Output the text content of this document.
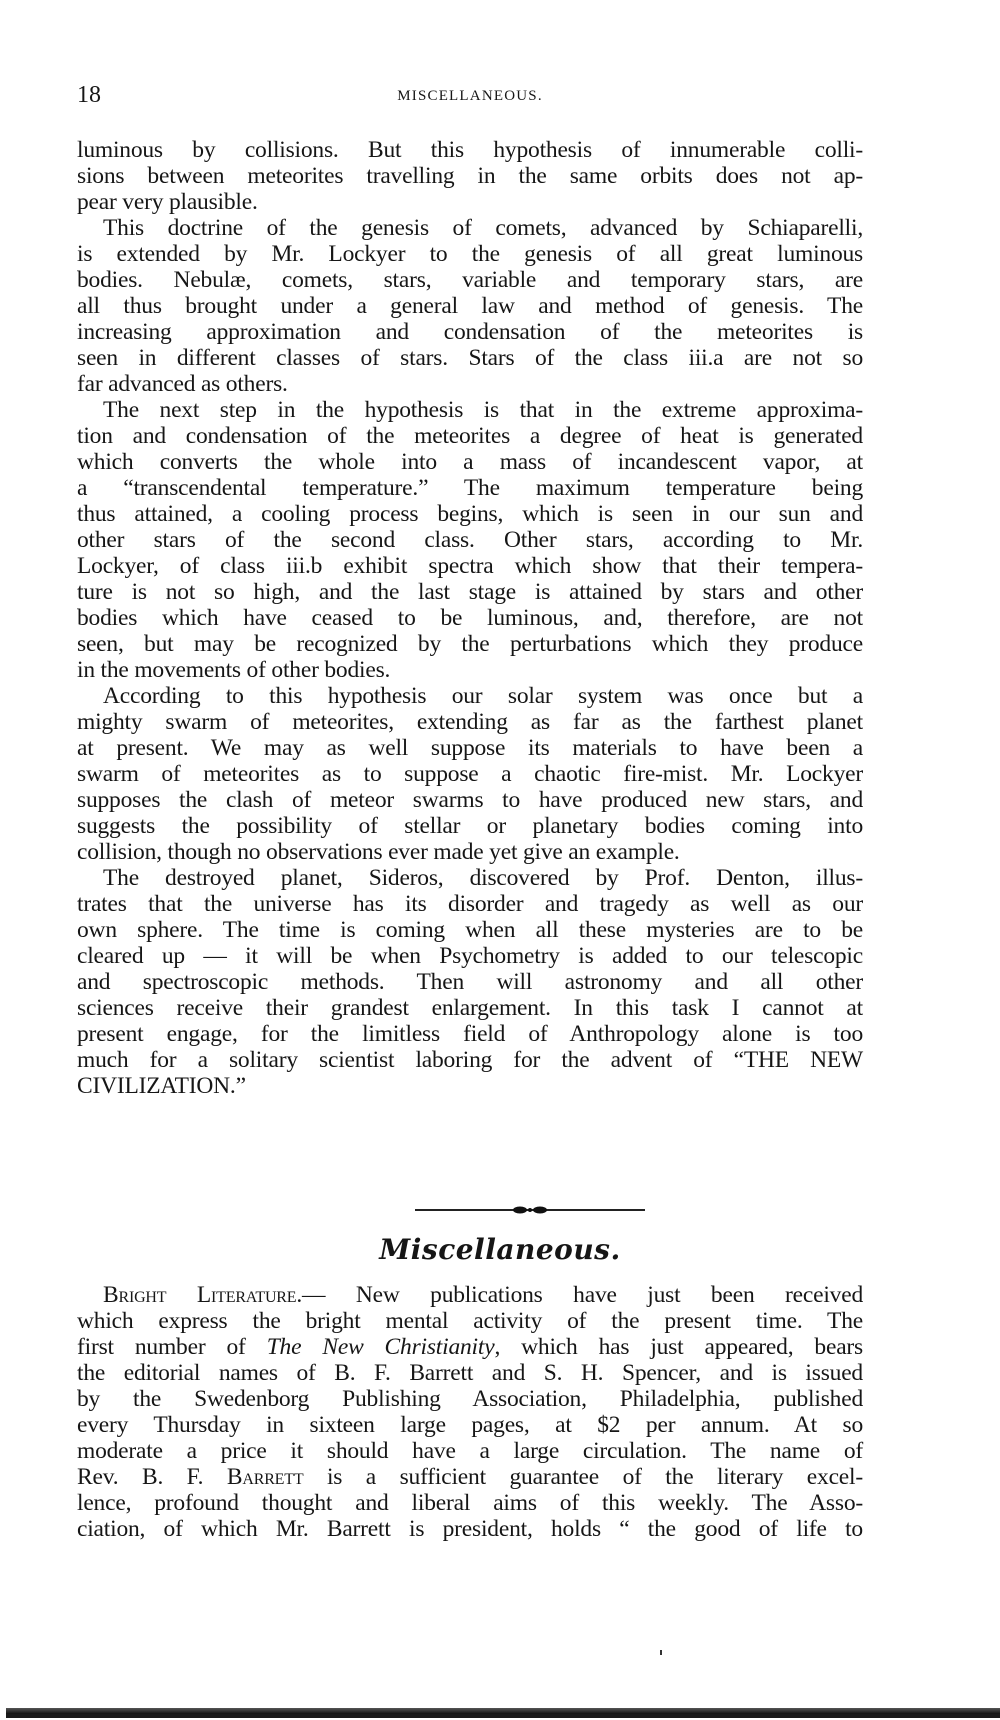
18	MISCELLANEOUS.
luminous by collisions. But this hypothesis of innumerable colli-
sions between meteorites travelling in the same orbits does not ap-
pear very plausible.
This doctrine of the genesis of comets, advanced by Schiaparelli,
is extended by Mr. Lockyer to the genesis of all great luminous
bodies. Nebulæ, comets, stars, variable and temporary stars, are
all thus brought under a general law and method of genesis. The
increasing approximation and condensation of the meteorites is
seen in different classes of stars. Stars of the class iii.a are not so
far advanced as others.
The next step in the hypothesis is that in the extreme approxima-
tion and condensation of the meteorites a degree of heat is generated
which converts the whole into a mass of incandescent vapor, at
a “transcendental temperature.” The maximum temperature being
thus attained, a cooling process begins, which is seen in our sun and
other stars of the second class. Other stars, according to Mr.
Lockyer, of class iii.b exhibit spectra which show that their tempera-
ture is not so high, and the last stage is attained by stars and other
bodies which have ceased to be luminous, and, therefore, are not
seen, but may be recognized by the perturbations which they produce
in the movements of other bodies.
According to this hypothesis our solar system was once but a
mighty swarm of meteorites, extending as far as the farthest planet
at present. We may as well suppose its materials to have been a
swarm of meteorites as to suppose a chaotic fire-mist. Mr. Lockyer
supposes the clash of meteor swarms to have produced new stars, and
suggests the possibility of stellar or planetary bodies coming into
collision, though no observations ever made yet give an example.
The destroyed planet, Sideros, discovered by Prof. Denton, illus-
trates that the universe has its disorder and tragedy as well as our
own sphere. The time is coming when all these mysteries are to be
cleared up — it will be when Psychometry is added to our telescopic
and spectroscopic methods. Then will astronomy and all other
sciences receive their grandest enlargement. In this task I cannot at
present engage, for the limitless field of Anthropology alone is too
much for a solitary scientist laboring for the advent of “THE NEW
CIVILIZATION.”
Miscellaneous.
Bright Literature.— New publications have just been received
which express the bright mental activity of the present time. The
first number of The New Christianity, which has just appeared, bears
the editorial names of B. F. Barrett and S. H. Spencer, and is issued
by the Swedenborg Publishing Association, Philadelphia, published
every Thursday in sixteen large pages, at $2 per annum. At so
moderate a price it should have a large circulation. The name of
Rev. B. F. Barrett is a sufficient guarantee of the literary excel-
lence, profound thought and liberal aims of this weekly. The Asso-
ciation, of which Mr. Barrett is president, holds “ the good of life to
